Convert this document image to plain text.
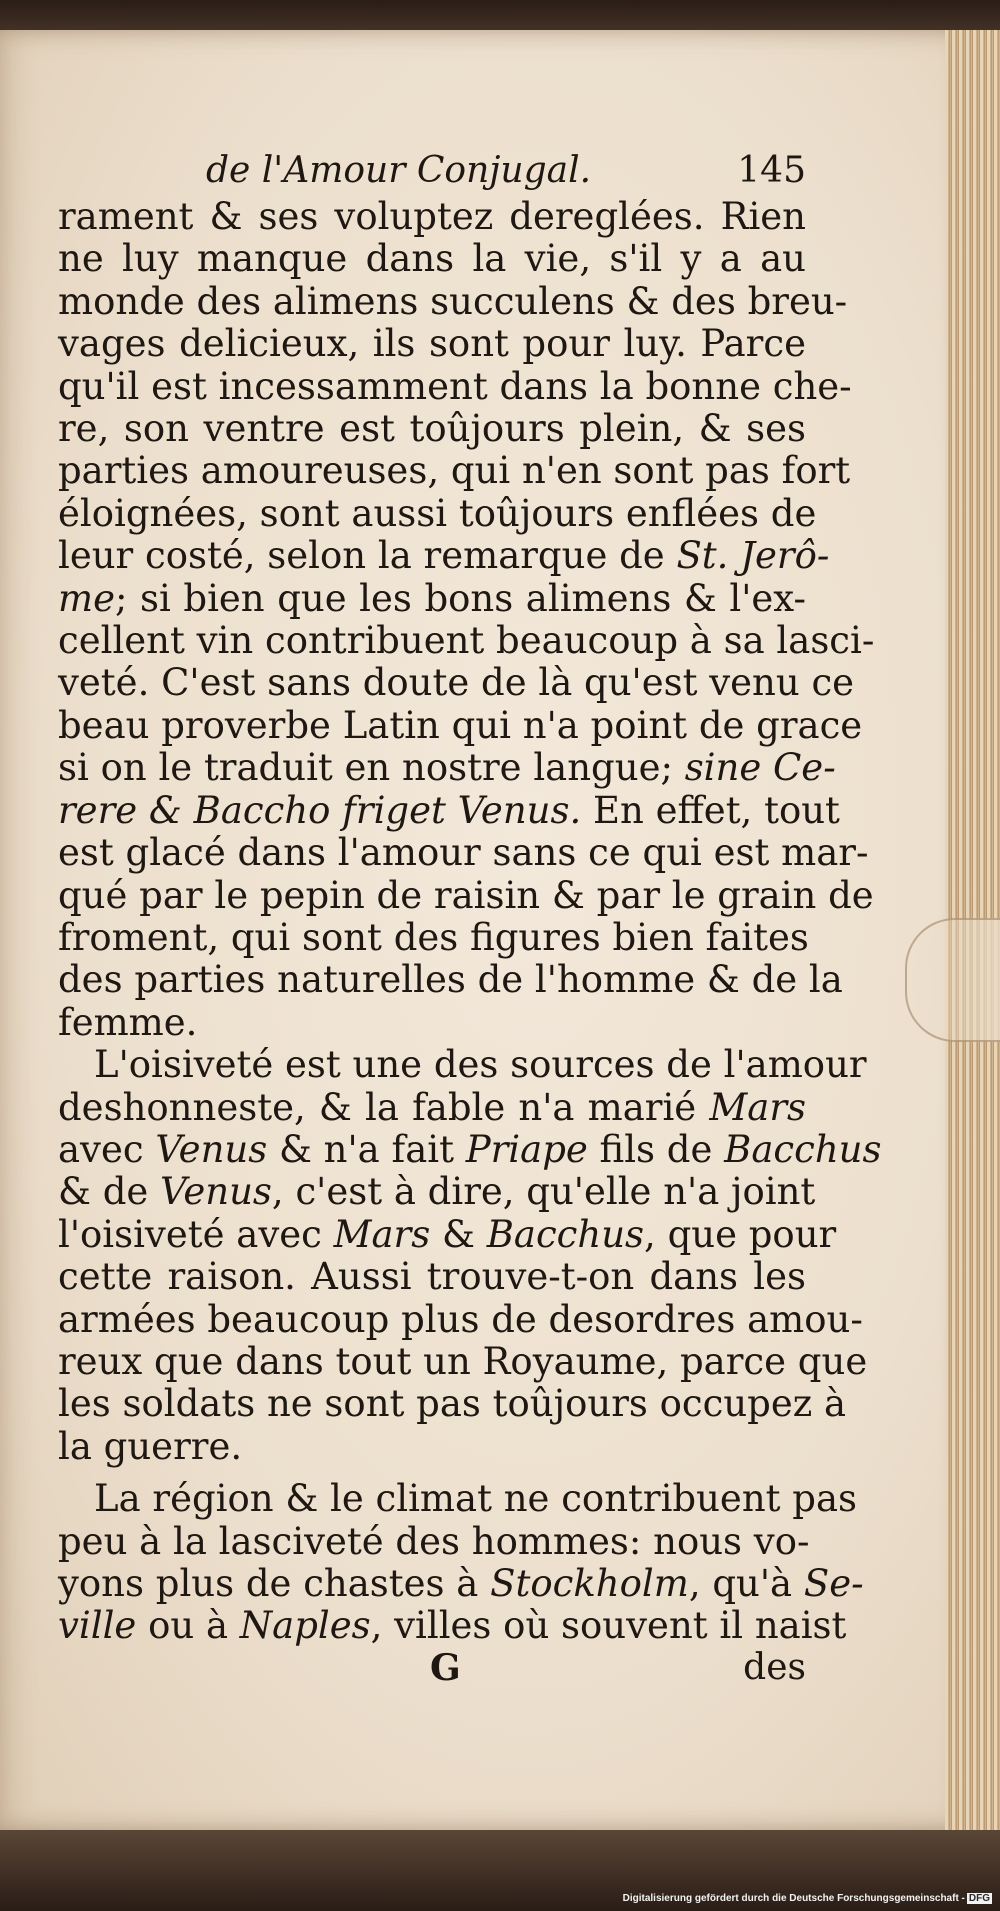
de l'Amour Conjugal.	145
rament & ses voluptez dereglées. Rien
ne luy manque dans la vie, s'il y a au
monde des alimens succulens & des breu-
vages delicieux, ils sont pour luy. Parce
qu'il est incessamment dans la bonne che-
re, son ventre est toûjours plein, & ses
parties amoureuses, qui n'en sont pas fort
éloignées, sont aussi toûjours enflées de
leur costé, selon la remarque de St. Jerô-
me; si bien que les bons alimens & l'ex-
cellent vin contribuent beaucoup à sa lasci-
veté. C'est sans doute de là qu'est venu ce
beau proverbe Latin qui n'a point de grace
si on le traduit en nostre langue; sine Ce-
rere & Baccho friget Venus. En effet, tout
est glacé dans l'amour sans ce qui est mar-
qué par le pepin de raisin & par le grain de
froment, qui sont des figures bien faites
des parties naturelles de l'homme & de la
femme.
L'oisiveté est une des sources de l'amour
deshonneste, & la fable n'a marié Mars
avec Venus & n'a fait Priape fils de Bacchus
& de Venus, c'est à dire, qu'elle n'a joint
l'oisiveté avec Mars & Bacchus, que pour
cette raison. Aussi trouve-t-on dans les
armées beaucoup plus de desordres amou-
reux que dans tout un Royaume, parce que
les soldats ne sont pas toûjours occupez à
la guerre.
La région & le climat ne contribuent pas
peu à la lasciveté des hommes: nous vo-
yons plus de chastes à Stockholm, qu'à Se-
ville ou à Naples, villes où souvent il naist
G	des
Digitalisierung gefördert durch die Deutsche Forschungsgemeinschaft - DFG
